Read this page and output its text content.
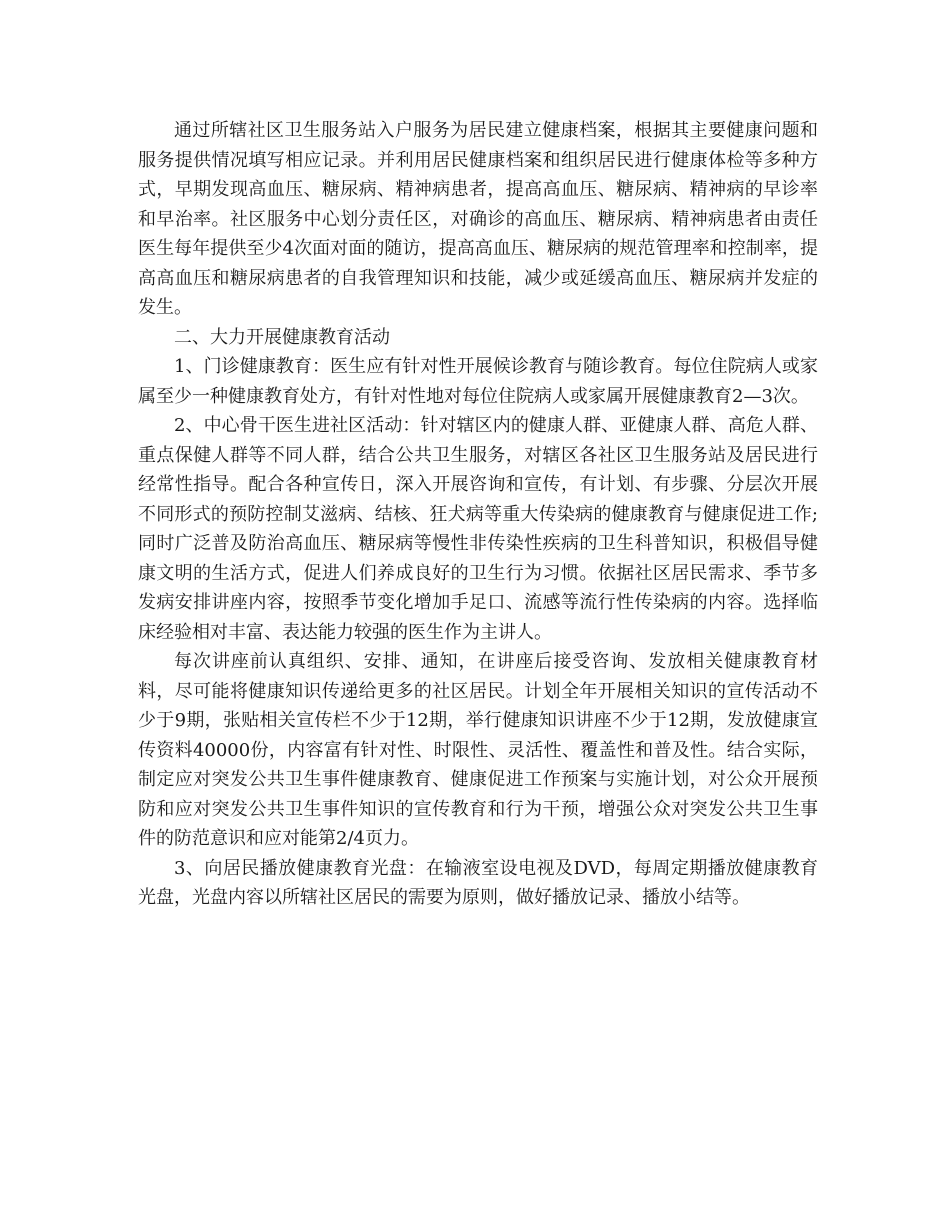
通过所辖社区卫生服务站入户服务为居民建立健康档案，根据其主要健康问题和服务提供情况填写相应记录。并利用居民健康档案和组织居民进行健康体检等多种方式，早期发现高血压、糖尿病、精神病患者，提高高血压、糖尿病、精神病的早诊率和早治率。社区服务中心划分责任区，对确诊的高血压、糖尿病、精神病患者由责任医生每年提供至少4次面对面的随访，提高高血压、糖尿病的规范管理率和控制率，提高高血压和糖尿病患者的自我管理知识和技能，减少或延缓高血压、糖尿病并发症的发生。

二、大力开展健康教育活动

1、门诊健康教育：医生应有针对性开展候诊教育与随诊教育。每位住院病人或家属至少一种健康教育处方，有针对性地对每位住院病人或家属开展健康教育2—3次。

2、中心骨干医生进社区活动：针对辖区内的健康人群、亚健康人群、高危人群、重点保健人群等不同人群，结合公共卫生服务，对辖区各社区卫生服务站及居民进行经常性指导。配合各种宣传日，深入开展咨询和宣传，有计划、有步骤、分层次开展不同形式的预防控制艾滋病、结核、狂犬病等重大传染病的健康教育与健康促进工作;同时广泛普及防治高血压、糖尿病等慢性非传染性疾病的卫生科普知识，积极倡导健康文明的生活方式，促进人们养成良好的卫生行为习惯。依据社区居民需求、季节多发病安排讲座内容，按照季节变化增加手足口、流感等流行性传染病的内容。选择临床经验相对丰富、表达能力较强的医生作为主讲人。

每次讲座前认真组织、安排、通知，在讲座后接受咨询、发放相关健康教育材料，尽可能将健康知识传递给更多的社区居民。计划全年开展相关知识的宣传活动不少于9期，张贴相关宣传栏不少于12期，举行健康知识讲座不少于12期，发放健康宣传资料40000份，内容富有针对性、时限性、灵活性、覆盖性和普及性。结合实际，制定应对突发公共卫生事件健康教育、健康促进工作预案与实施计划，对公众开展预防和应对突发公共卫生事件知识的宣传教育和行为干预，增强公众对突发公共卫生事件的防范意识和应对能第2/4页力。

3、向居民播放健康教育光盘：在输液室设电视及DVD，每周定期播放健康教育光盘，光盘内容以所辖社区居民的需要为原则，做好播放记录、播放小结等。
